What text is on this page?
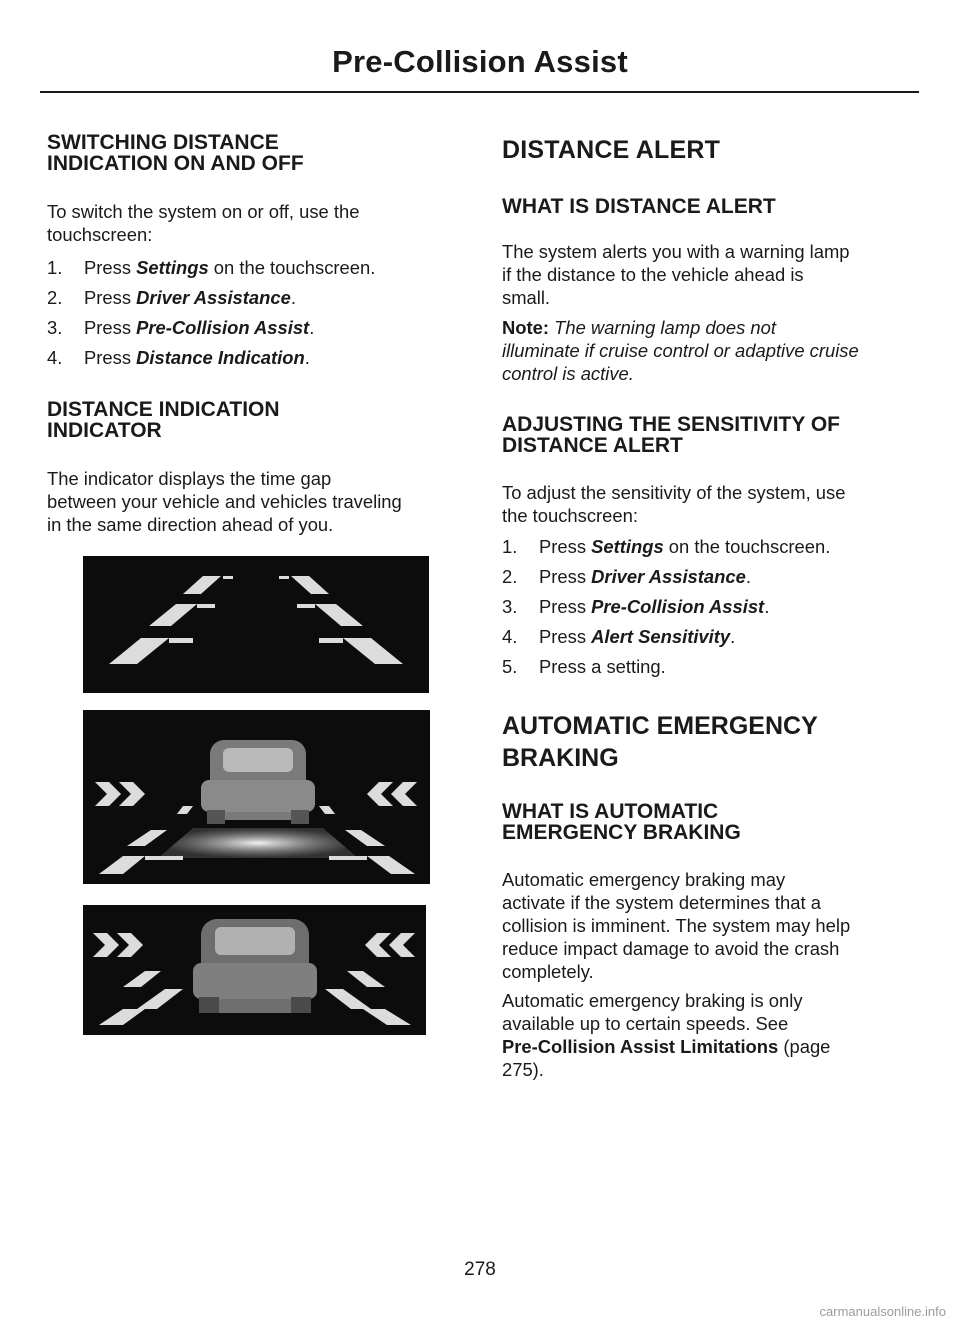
Pre-Collision Assist
SWITCHING DISTANCE
INDICATION ON AND OFF
To switch the system on or off, use the
touchscreen:
1.	Press Settings on the touchscreen.
2.	Press Driver Assistance.
3.	Press Pre-Collision Assist.
4.	Press Distance Indication.
DISTANCE INDICATION
INDICATOR
The indicator displays the time gap
between your vehicle and vehicles traveling
in the same direction ahead of you.
DISTANCE ALERT
WHAT IS DISTANCE ALERT
The system alerts you with a warning lamp
if the distance to the vehicle ahead is
small.
Note: The warning lamp does not
illuminate if cruise control or adaptive cruise
control is active.
ADJUSTING THE SENSITIVITY OF
DISTANCE ALERT
To adjust the sensitivity of the system, use
the touchscreen:
1.	Press Settings on the touchscreen.
2.	Press Driver Assistance.
3.	Press Pre-Collision Assist.
4.	Press Alert Sensitivity.
5.	Press a setting.
AUTOMATIC EMERGENCY
BRAKING
WHAT IS AUTOMATIC
EMERGENCY BRAKING
Automatic emergency braking may
activate if the system determines that a
collision is imminent. The system may help
reduce impact damage to avoid the crash
completely.
Automatic emergency braking is only
available up to certain speeds. See
Pre-Collision Assist Limitations (page
275).
278
carmanualsonline.info
